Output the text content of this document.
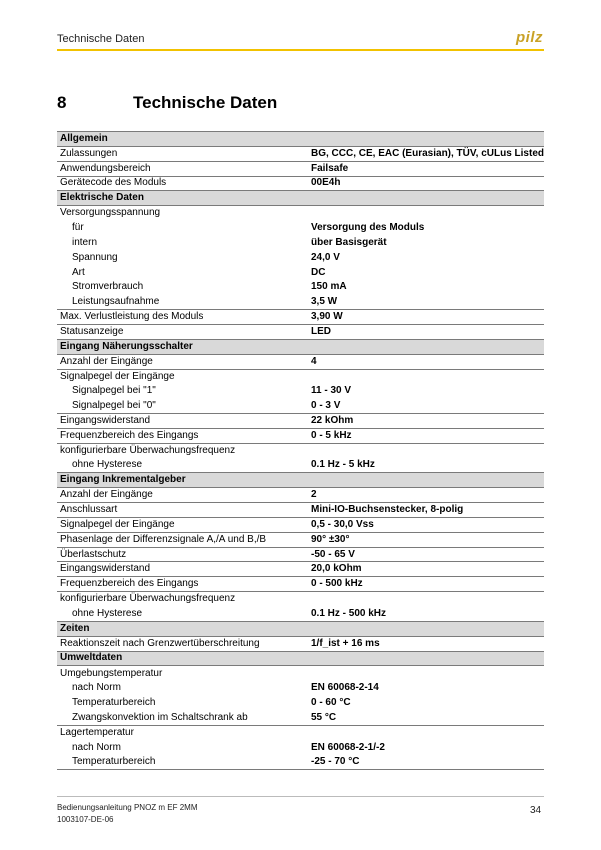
Technische Daten	pilz
8	Technische Daten
Allgemein	
Zulassungen	BG, CCC, CE, EAC (Eurasian), TÜV, cULus Listed
Anwendungsbereich	Failsafe
Gerätecode des Moduls	00E4h
Elektrische Daten	
Versorgungsspannung	
für	Versorgung des Moduls
intern	über Basisgerät
Spannung	24,0 V
Art	DC
Stromverbrauch	150 mA
Leistungsaufnahme	3,5 W
Max. Verlustleistung des Moduls	3,90 W
Statusanzeige	LED
Eingang Näherungsschalter	
Anzahl der Eingänge	4
Signalpegel der Eingänge	
Signalpegel bei "1"	11 - 30 V
Signalpegel bei "0"	0 - 3 V
Eingangswiderstand	22 kOhm
Frequenzbereich des Eingangs	0 - 5 kHz
konfigurierbare Überwachungsfrequenz	
ohne Hysterese	0.1 Hz - 5 kHz
Eingang Inkrementalgeber	
Anzahl der Eingänge	2
Anschlussart	Mini-IO-Buchsenstecker, 8-polig
Signalpegel der Eingänge	0,5 - 30,0 Vss
Phasenlage der Differenzsignale A,/A und B,/B	90° ±30°
Überlastschutz	-50 - 65 V
Eingangswiderstand	20,0 kOhm
Frequenzbereich des Eingangs	0 - 500 kHz
konfigurierbare Überwachungsfrequenz	
ohne Hysterese	0.1 Hz - 500 kHz
Zeiten	
Reaktionszeit nach Grenzwertüberschreitung	1/f_ist + 16 ms
Umweltdaten	
Umgebungstemperatur	
nach Norm	EN 60068-2-14
Temperaturbereich	0 - 60 °C
Zwangskonvektion im Schaltschrank ab	55 °C
Lagertemperatur	
nach Norm	EN 60068-2-1/-2
Temperaturbereich	-25 - 70 °C
Bedienungsanleitung PNOZ m EF 2MM
1003107-DE-06
34
